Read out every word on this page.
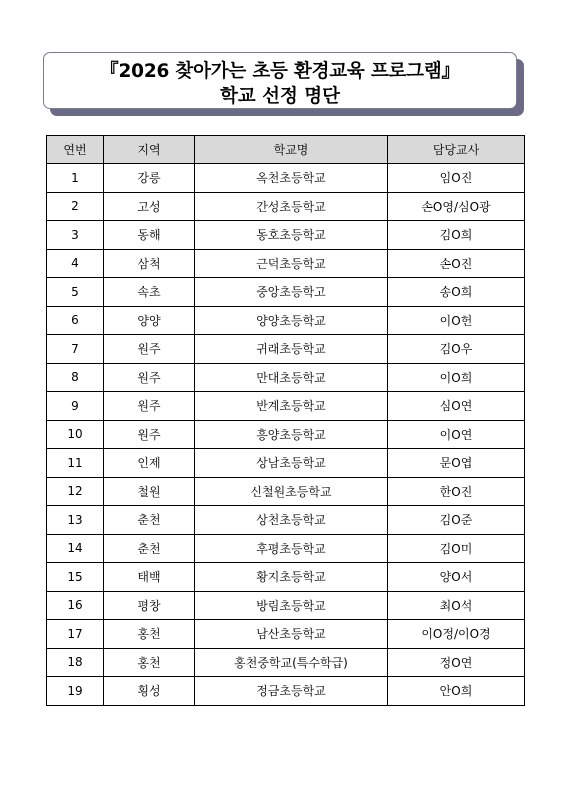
『2026 찾아가는 초등 환경교육 프로그램』
학교 선정 명단
연번	지역	학교명	담당교사
1	강릉	옥천초등학교	임O진
2	고성	간성초등학교	손O영/심O광
3	동해	동호초등학교	김O희
4	삼척	근덕초등학교	손O진
5	속초	중앙초등학고	송O희
6	양양	양양초등학교	이O헌
7	원주	귀래초등학교	김O우
8	원주	만대초등학교	이O희
9	원주	반계초등학교	심O연
10	원주	흥양초등학교	이O연
11	인제	상남초등학교	문O엽
12	철원	신철원초등학교	한O진
13	춘천	상천초등학교	김O준
14	춘천	후평초등학교	김O미
15	태백	황지초등학교	양O서
16	평창	방림초등학교	최O석
17	홍천	남산초등학교	이O정/이O경
18	홍천	홍천중학교(특수학급)	정O연
19	횡성	정금초등학교	안O희
